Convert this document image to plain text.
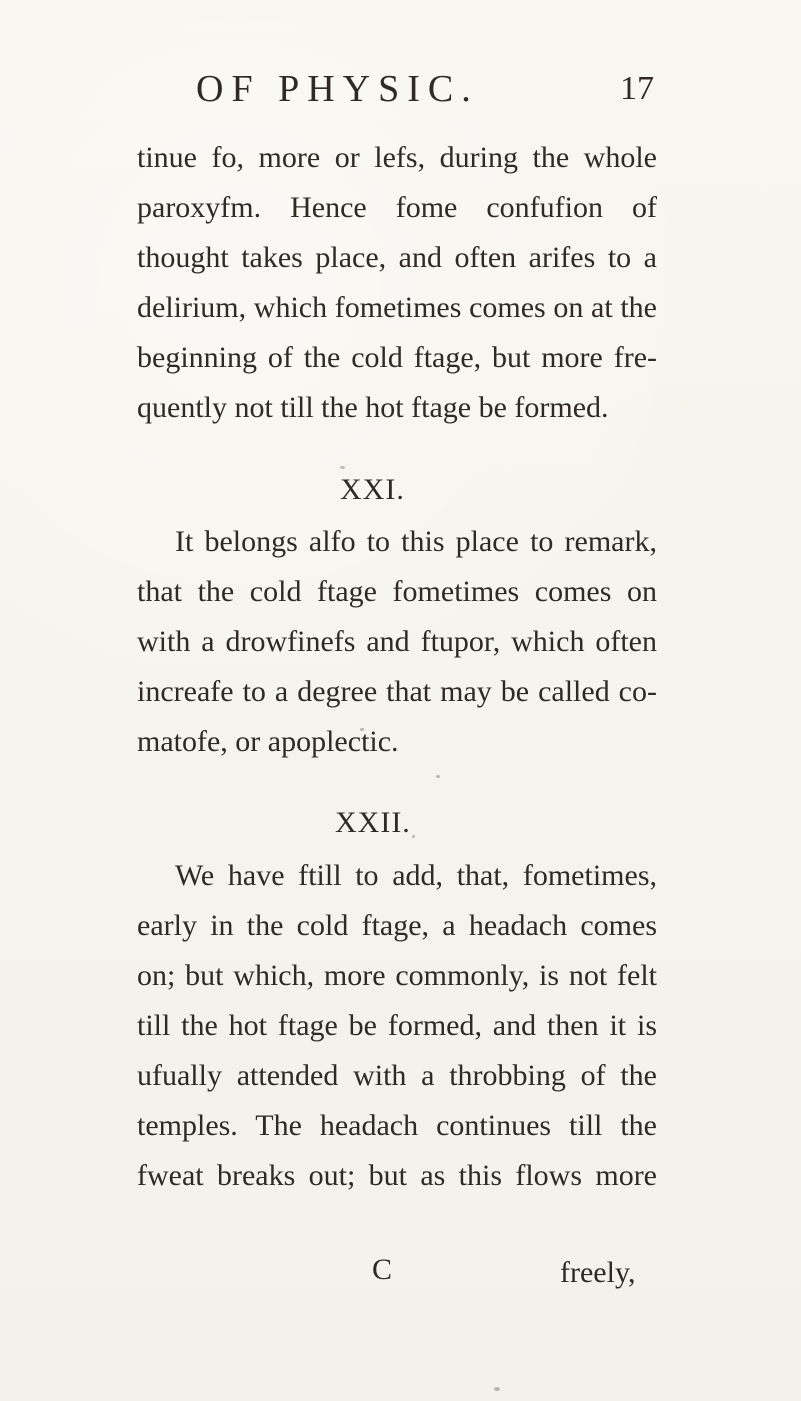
OF PHYSIC.	17
tinue fo, more or lefs, during the whole
paroxyfm. Hence fome confufion of
thought takes place, and often arifes to a
delirium, which fometimes comes on at the
beginning of the cold ftage, but more fre-
quently not till the hot ftage be formed.
XXI.
It belongs alfo to this place to remark,
that the cold ftage fometimes comes on
with a drowfinefs and ftupor, which often
increafe to a degree that may be called co-
matofe, or apoplectic.
XXII.
We have ftill to add, that, fometimes,
early in the cold ftage, a headach comes
on; but which, more commonly, is not felt
till the hot ftage be formed, and then it is
ufually attended with a throbbing of the
temples. The headach continues till the
fweat breaks out; but as this flows more
C	freely,
